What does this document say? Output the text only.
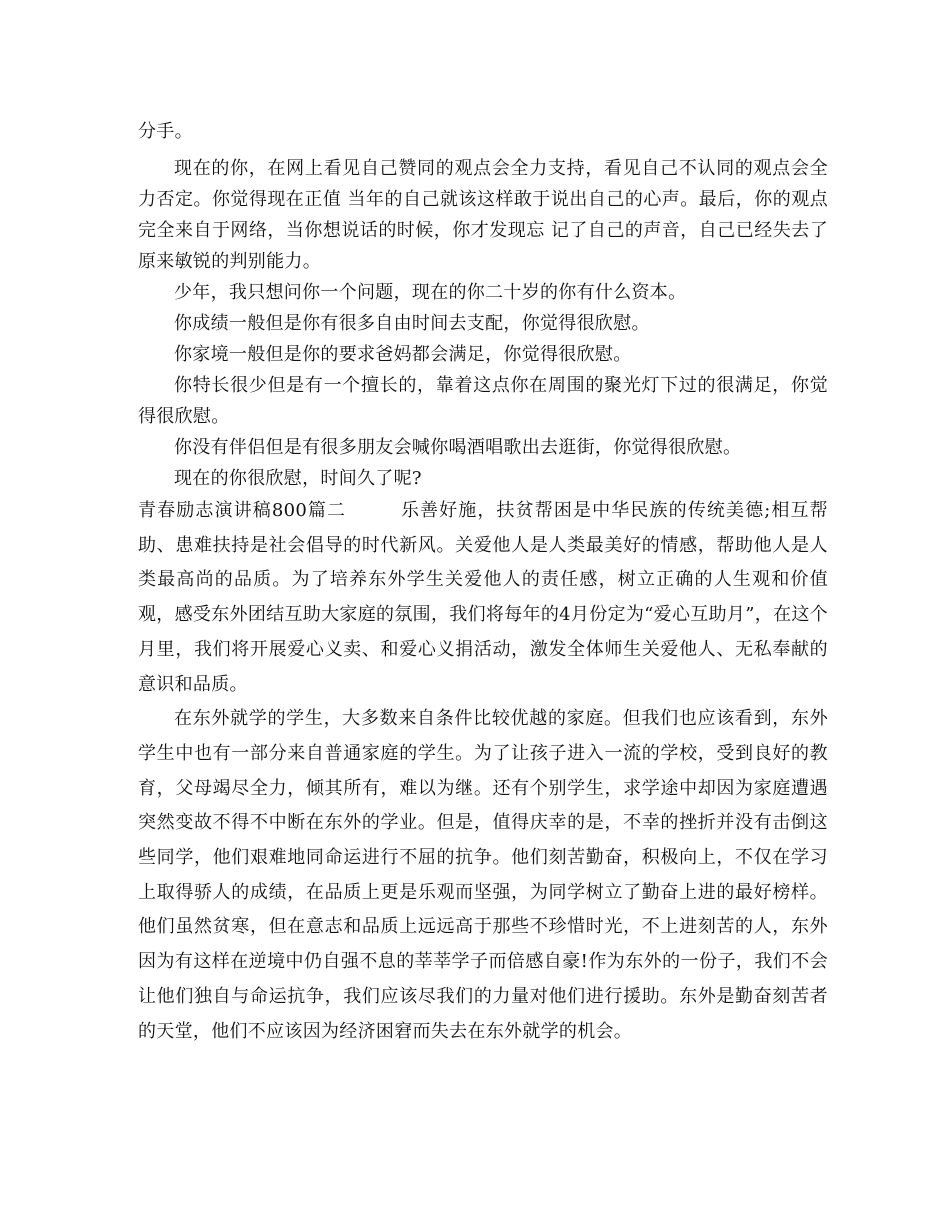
分手。

现在的你，在网上看见自己赞同的观点会全力支持，看见自己不认同的观点会全力否定。你觉得现在正值 当年的自己就该这样敢于说出自己的心声。最后，你的观点完全来自于网络，当你想说话的时候，你才发现忘 记了自己的声音，自己已经失去了原来敏锐的判别能力。

少年，我只想问你一个问题，现在的你二十岁的你有什么资本。

你成绩一般但是你有很多自由时间去支配，你觉得很欣慰。

你家境一般但是你的要求爸妈都会满足，你觉得很欣慰。

你特长很少但是有一个擅长的，靠着这点你在周围的聚光灯下过的很满足，你觉得很欣慰。

你没有伴侣但是有很多朋友会喊你喝酒唱歌出去逛街，你觉得很欣慰。

现在的你很欣慰，时间久了呢?

青春励志演讲稿800篇二	乐善好施，扶贫帮困是中华民族的传统美德;相互帮助、患难扶持是社会倡导的时代新风。关爱他人是人类最美好的情感，帮助他人是人类最高尚的品质。为了培养东外学生关爱他人的责任感，树立正确的人生观和价值观，感受东外团结互助大家庭的氛围，我们将每年的4月份定为“爱心互助月”，在这个月里，我们将开展爱心义卖、和爱心义捐活动，激发全体师生关爱他人、无私奉献的意识和品质。

在东外就学的学生，大多数来自条件比较优越的家庭。但我们也应该看到，东外学生中也有一部分来自普通家庭的学生。为了让孩子进入一流的学校，受到良好的教育，父母竭尽全力，倾其所有，难以为继。还有个别学生，求学途中却因为家庭遭遇突然变故不得不中断在东外的学业。但是，值得庆幸的是，不幸的挫折并没有击倒这些同学，他们艰难地同命运进行不屈的抗争。他们刻苦勤奋，积极向上，不仅在学习上取得骄人的成绩，在品质上更是乐观而坚强，为同学树立了勤奋上进的最好榜样。他们虽然贫寒，但在意志和品质上远远高于那些不珍惜时光，不上进刻苦的人，东外因为有这样在逆境中仍自强不息的莘莘学子而倍感自豪!作为东外的一份子，我们不会让他们独自与命运抗争，我们应该尽我们的力量对他们进行援助。东外是勤奋刻苦者的天堂，他们不应该因为经济困窘而失去在东外就学的机会。
